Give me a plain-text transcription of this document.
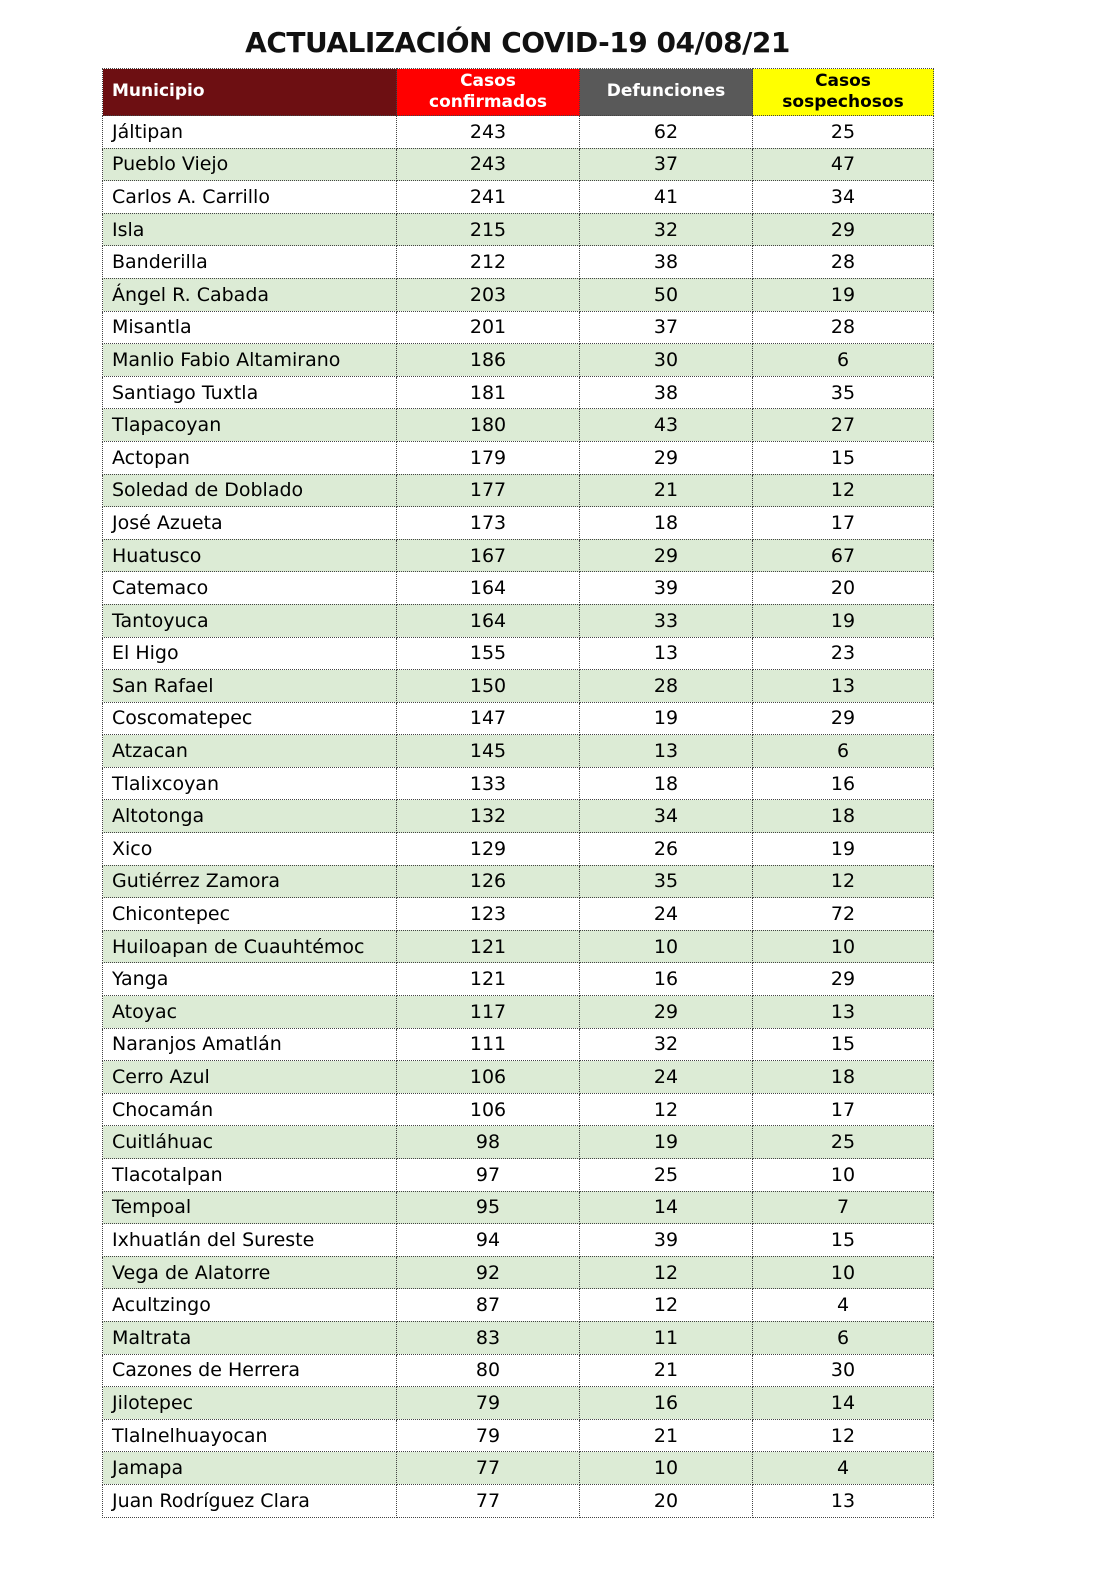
ACTUALIZACIÓN COVID-19 04/08/21
Municipio	Casos confirmados	Defunciones	Casos sospechosos
Jáltipan	243	62	25
Pueblo Viejo	243	37	47
Carlos A. Carrillo	241	41	34
Isla	215	32	29
Banderilla	212	38	28
Ángel R. Cabada	203	50	19
Misantla	201	37	28
Manlio Fabio Altamirano	186	30	6
Santiago Tuxtla	181	38	35
Tlapacoyan	180	43	27
Actopan	179	29	15
Soledad de Doblado	177	21	12
José Azueta	173	18	17
Huatusco	167	29	67
Catemaco	164	39	20
Tantoyuca	164	33	19
El Higo	155	13	23
San Rafael	150	28	13
Coscomatepec	147	19	29
Atzacan	145	13	6
Tlalixcoyan	133	18	16
Altotonga	132	34	18
Xico	129	26	19
Gutiérrez Zamora	126	35	12
Chicontepec	123	24	72
Huiloapan de Cuauhtémoc	121	10	10
Yanga	121	16	29
Atoyac	117	29	13
Naranjos Amatlán	111	32	15
Cerro Azul	106	24	18
Chocamán	106	12	17
Cuitláhuac	98	19	25
Tlacotalpan	97	25	10
Tempoal	95	14	7
Ixhuatlán del Sureste	94	39	15
Vega de Alatorre	92	12	10
Acultzingo	87	12	4
Maltrata	83	11	6
Cazones de Herrera	80	21	30
Jilotepec	79	16	14
Tlalnelhuayocan	79	21	12
Jamapa	77	10	4
Juan Rodríguez Clara	77	20	13
